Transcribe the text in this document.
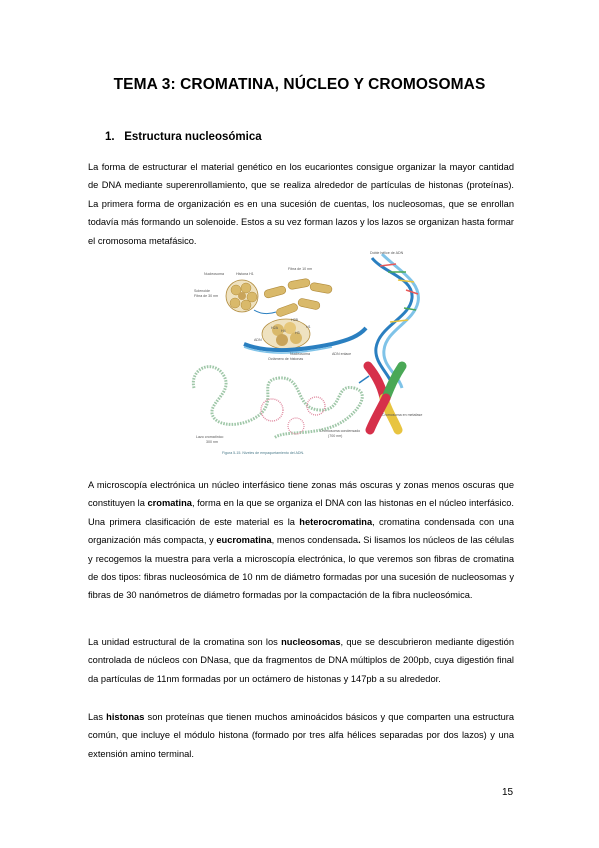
TEMA 3: CROMATINA, NÚCLEO Y CROMOSOMAS
1. Estructura nucleosómica
La forma de estructurar el material genético en los eucariontes consigue organizar la mayor cantidad de DNA mediante superenrollamiento, que se realiza alrededor de partículas de histonas (proteínas). La primera forma de organización es en una sucesión de cuentas, los nucleosomas, que se enrollan todavía más formando un solenoide. Estos a su vez forman lazos y los lazos se organizan hasta formar el cromosoma metafásico.
Nucleosoma	Histona H1
Solenoide
Fibra de 30 nm
Fibra de 10 nm
Doble hélice de ADN
H2B
H2A	H1
H4	H3
ADN
Octámero de histonas
Nucleosoma	ADN enlace
Lazo cromatínico
300 nm
Cromosoma condensado
(700 nm)
Cromosoma en metafase
Figura 5-15. Niveles de empaquetamiento del ADN.
A microscopía electrónica un núcleo interfásico tiene zonas más oscuras y zonas menos oscuras que constituyen la cromatina, forma en la que se organiza el DNA con las histonas en el núcleo interfásico. Una primera clasificación de este material es la heterocromatina, cromatina condensada con una organización más compacta, y eucromatina, menos condensada. Si lisamos los núcleos de las células y recogemos la muestra para verla a microscopía electrónica, lo que veremos son fibras de cromatina de dos tipos: fibras nucleosómica de 10 nm de diámetro formadas por una sucesión de nucleosomas y fibras de 30 nanómetros de diámetro formadas por la compactación de la fibra nucleosómica.
La unidad estructural de la cromatina son los nucleosomas, que se descubrieron mediante digestión controlada de núcleos con DNasa, que da fragmentos de DNA múltiplos de 200pb, cuya digestión final da partículas de 11nm formadas por un octámero de histonas y 147pb a su alrededor.
Las histonas son proteínas que tienen muchos aminoácidos básicos y que comparten una estructura común, que incluye el módulo histona (formado por tres alfa hélices separadas por dos lazos) y una extensión amino terminal.
15
